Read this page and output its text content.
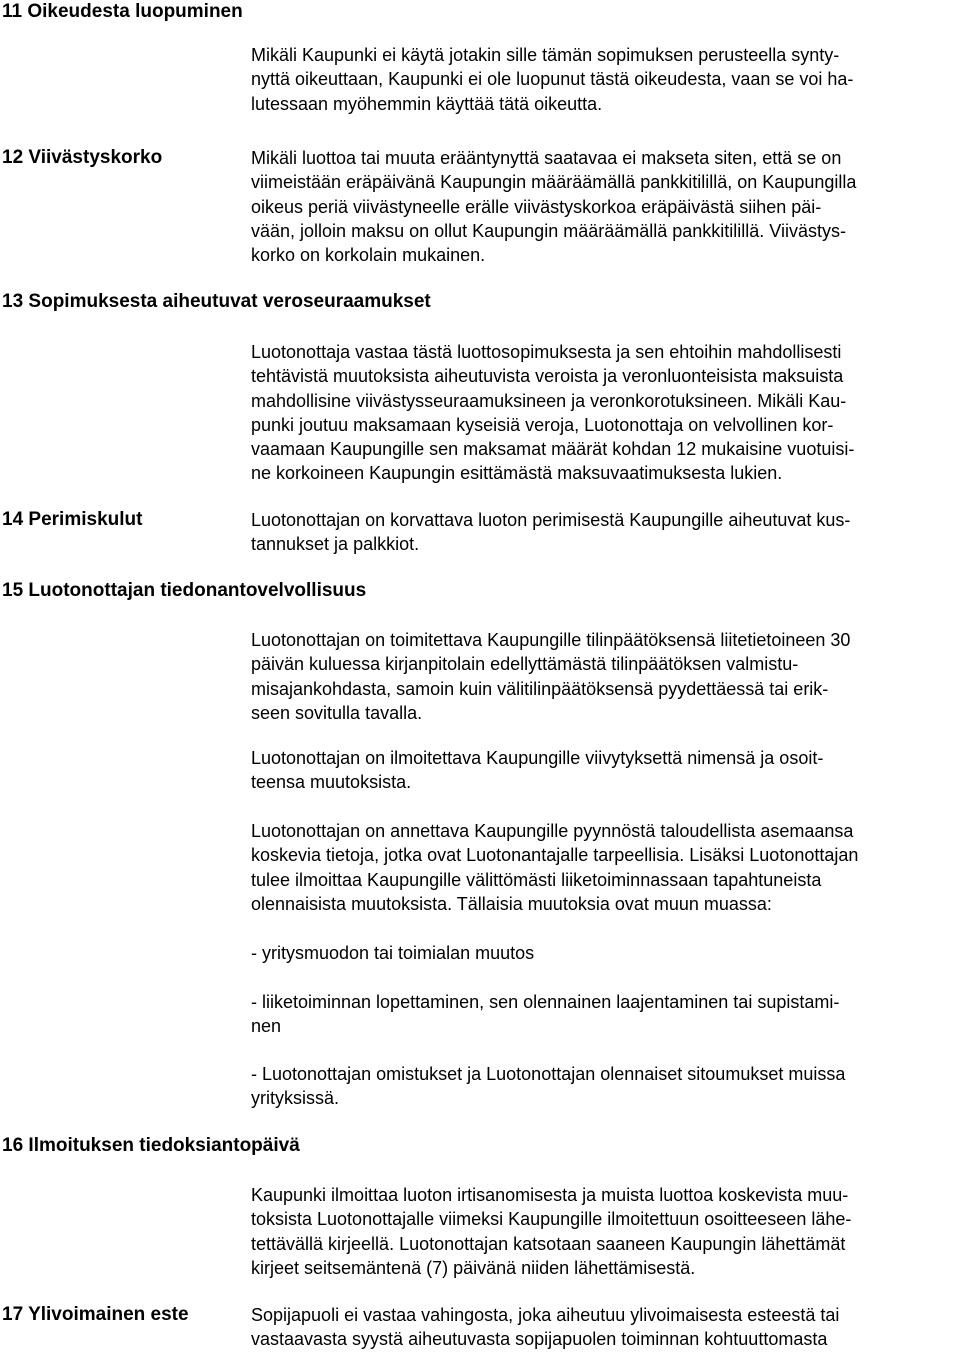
11 Oikeudesta luopuminen
Mikäli Kaupunki ei käytä jotakin sille tämän sopimuksen perusteella synty-
nyttä oikeuttaan, Kaupunki ei ole luopunut tästä oikeudesta, vaan se voi ha-
lutessaan myöhemmin käyttää tätä oikeutta.
12 Viivästyskorko	Mikäli luottoa tai muuta erääntynyttä saatavaa ei makseta siten, että se on
viimeistään eräpäivänä Kaupungin määräämällä pankkitilillä, on Kaupungilla
oikeus periä viivästyneelle erälle viivästyskorkoa eräpäivästä siihen päi-
vään, jolloin maksu on ollut Kaupungin määräämällä pankkitilillä. Viivästys-
korko on korkolain mukainen.
13 Sopimuksesta aiheutuvat veroseuraamukset
Luotonottaja vastaa tästä luottosopimuksesta ja sen ehtoihin mahdollisesti
tehtävistä muutoksista aiheutuvista veroista ja veronluonteisista maksuista
mahdollisine viivästysseuraamuksineen ja veronkorotuksineen. Mikäli Kau-
punki joutuu maksamaan kyseisiä veroja, Luotonottaja on velvollinen kor-
vaamaan Kaupungille sen maksamat määrät kohdan 12 mukaisine vuotuisi-
ne korkoineen Kaupungin esittämästä maksuvaatimuksesta lukien.
14 Perimiskulut	Luotonottajan on korvattava luoton perimisestä Kaupungille aiheutuvat kus-
tannukset ja palkkiot.
15 Luotonottajan tiedonantovelvollisuus
Luotonottajan on toimitettava Kaupungille tilinpäätöksensä liitetietoineen 30
päivän kuluessa kirjanpitolain edellyttämästä tilinpäätöksen valmistu-
misajankohdasta, samoin kuin välitilinpäätöksensä pyydettäessä tai erik-
seen sovitulla tavalla.
Luotonottajan on ilmoitettava Kaupungille viivytyksettä nimensä ja osoit-
teensa muutoksista.
Luotonottajan on annettava Kaupungille pyynnöstä taloudellista asemaansa
koskevia tietoja, jotka ovat Luotonantajalle tarpeellisia. Lisäksi Luotonottajan
tulee ilmoittaa Kaupungille välittömästi liiketoiminnassaan tapahtuneista
olennaisista muutoksista. Tällaisia muutoksia ovat muun muassa:
- yritysmuodon tai toimialan muutos
- liiketoiminnan lopettaminen, sen olennainen laajentaminen tai supistami-
nen
- Luotonottajan omistukset ja Luotonottajan olennaiset sitoumukset muissa
yrityksissä.
16 Ilmoituksen tiedoksiantopäivä
Kaupunki ilmoittaa luoton irtisanomisesta ja muista luottoa koskevista muu-
toksista Luotonottajalle viimeksi Kaupungille ilmoitettuun osoitteeseen lähe-
tettävällä kirjeellä. Luotonottajan katsotaan saaneen Kaupungin lähettämät
kirjeet seitsemäntenä (7) päivänä niiden lähettämisestä.
17 Ylivoimainen este	Sopijapuoli ei vastaa vahingosta, joka aiheutuu ylivoimaisesta esteestä tai
vastaavasta syystä aiheutuvasta sopijapuolen toiminnan kohtuuttomasta
